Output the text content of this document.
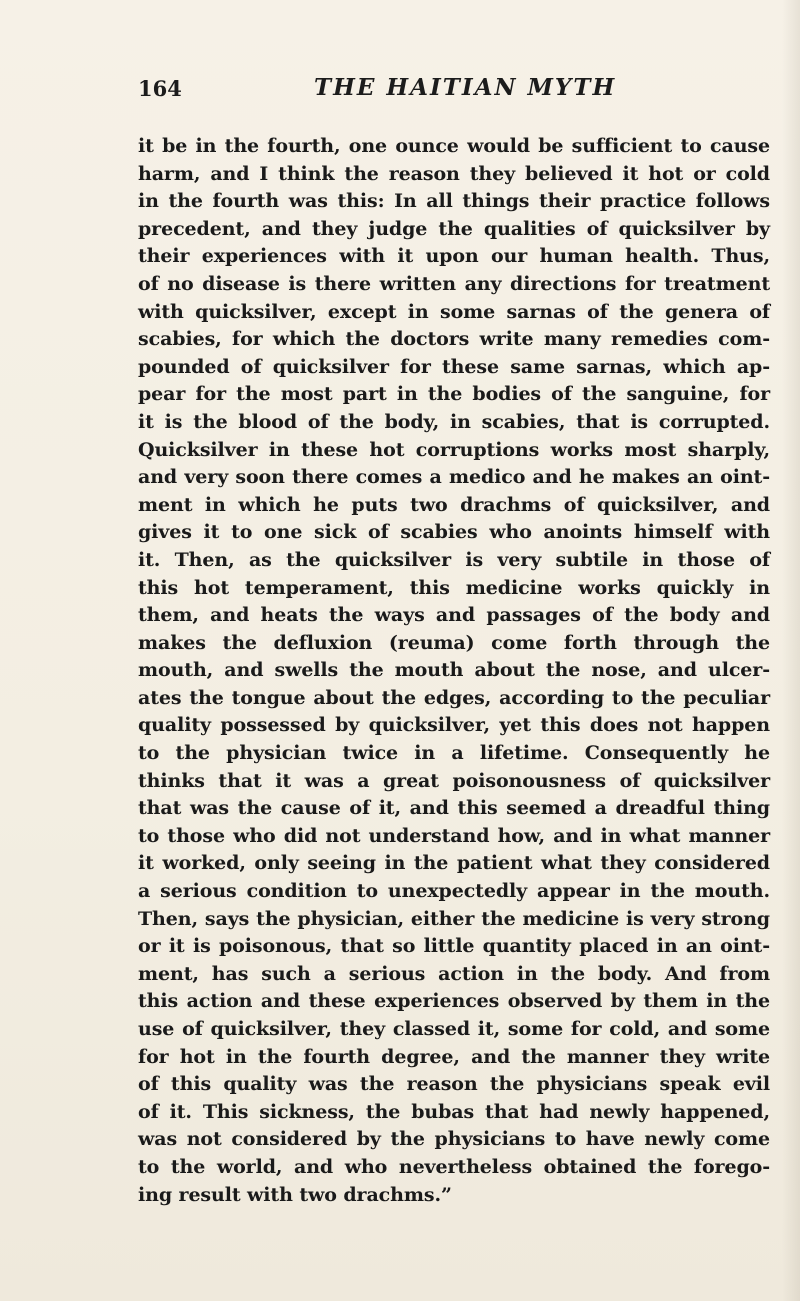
164	THE HAITIAN MYTH
it be in the fourth, one ounce would be sufficient to cause
harm, and I think the reason they believed it hot or cold
in the fourth was this: In all things their practice follows
precedent, and they judge the qualities of quicksilver by
their experiences with it upon our human health. Thus,
of no disease is there written any directions for treatment
with quicksilver, except in some sarnas of the genera of
scabies, for which the doctors write many remedies com-
pounded of quicksilver for these same sarnas, which ap-
pear for the most part in the bodies of the sanguine, for
it is the blood of the body, in scabies, that is corrupted.
Quicksilver in these hot corruptions works most sharply,
and very soon there comes a medico and he makes an oint-
ment in which he puts two drachms of quicksilver, and
gives it to one sick of scabies who anoints himself with
it. Then, as the quicksilver is very subtile in those of
this hot temperament, this medicine works quickly in
them, and heats the ways and passages of the body and
makes the defluxion (reuma) come forth through the
mouth, and swells the mouth about the nose, and ulcer-
ates the tongue about the edges, according to the peculiar
quality possessed by quicksilver, yet this does not happen
to the physician twice in a lifetime. Consequently he
thinks that it was a great poisonousness of quicksilver
that was the cause of it, and this seemed a dreadful thing
to those who did not understand how, and in what manner
it worked, only seeing in the patient what they considered
a serious condition to unexpectedly appear in the mouth.
Then, says the physician, either the medicine is very strong
or it is poisonous, that so little quantity placed in an oint-
ment, has such a serious action in the body. And from
this action and these experiences observed by them in the
use of quicksilver, they classed it, some for cold, and some
for hot in the fourth degree, and the manner they write
of this quality was the reason the physicians speak evil
of it. This sickness, the bubas that had newly happened,
was not considered by the physicians to have newly come
to the world, and who nevertheless obtained the forego-
ing result with two drachms.”
